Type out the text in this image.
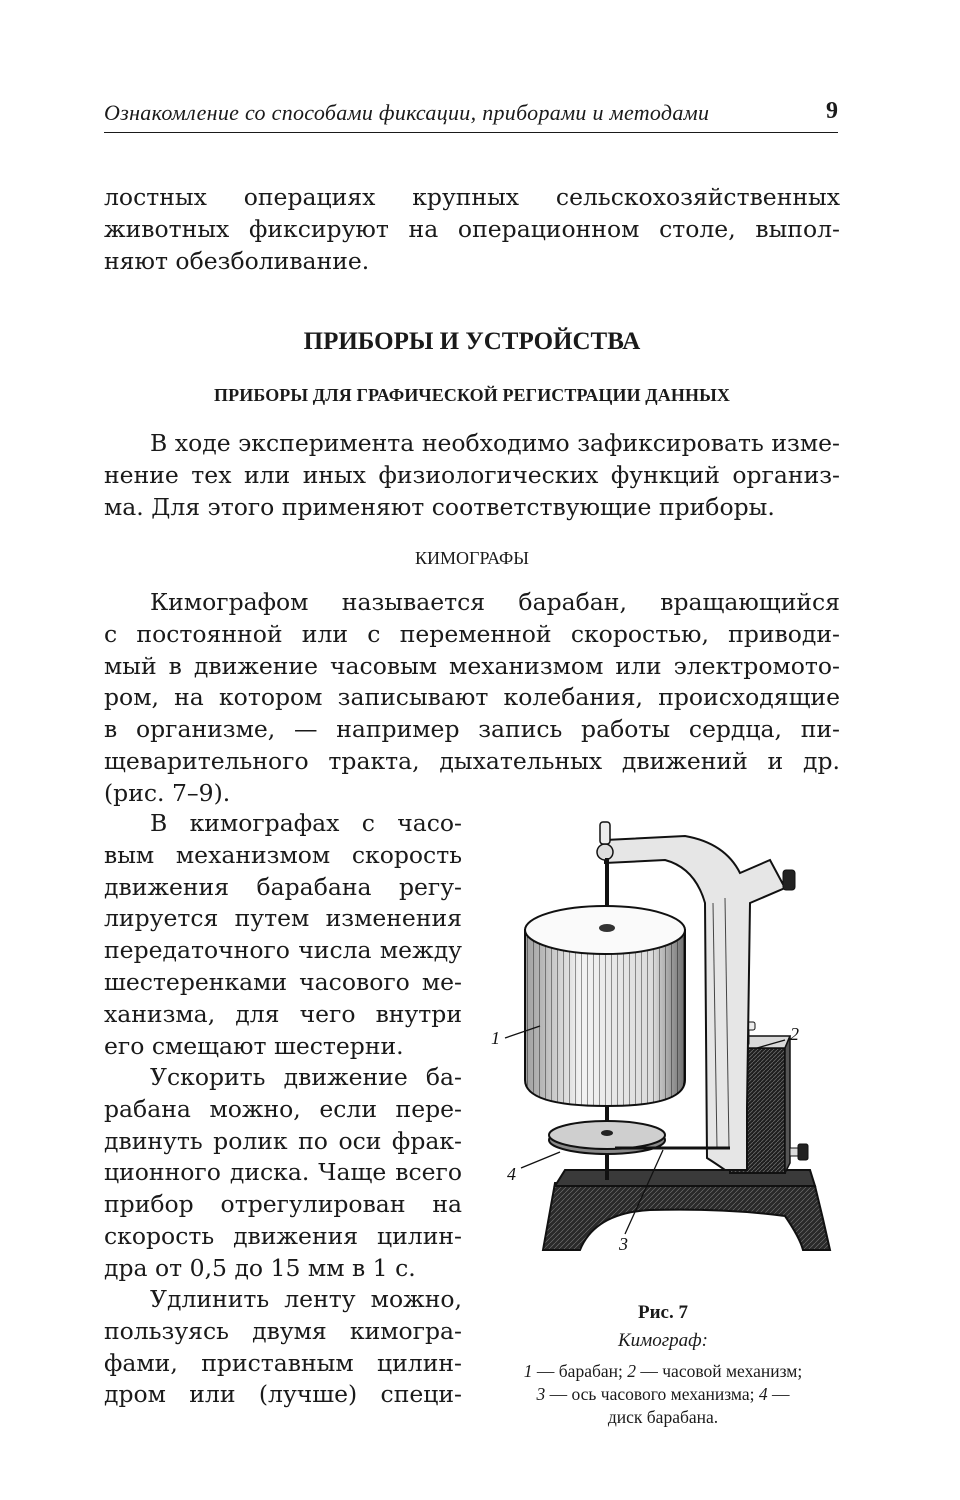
Ознакомление со способами фиксации, приборами и методами	9
лостных операциях крупных сельскохозяйственных
животных фиксируют на операционном столе, выпол-
няют обезболивание.
ПРИБОРЫ И УСТРОЙСТВА
ПРИБОРЫ ДЛЯ ГРАФИЧЕСКОЙ РЕГИСТРАЦИИ ДАННЫХ
В ходе эксперимента необходимо зафиксировать изме-
нение тех или иных физиологических функций организ-
ма. Для этого применяют соответствующие приборы.
КИМОГРАФЫ
Кимографом называется барабан, вращающийся
с постоянной или с переменной скоростью, приводи-
мый в движение часовым механизмом или электромото-
ром, на котором записывают колебания, происходящие
в организме, — например запись работы сердца, пи-
щеварительного тракта, дыхательных движений и др.
(рис. 7–9).
В кимографах с часо-
вым механизмом скорость
движения барабана регу-
лируется путем изменения
передаточного числа между
шестеренками часового ме-
ханизма, для чего внутри
его смещают шестерни.
Ускорить движение ба-
рабана можно, если пере-
двинуть ролик по оси фрак-
ционного диска. Чаще всего
прибор отрегулирован на
скорость движения цилин-
дра от 0,5 до 15 мм в 1 с.
Удлинить ленту можно,
пользуясь двумя кимогра-
фами, приставным цилин-
дром или (лучше) специ-
1	2
3
4
Рис. 7
Кимограф:
1 — барабан; 2 — часовой механизм;
3 — ось часового механизма; 4 —
диск барабана.
